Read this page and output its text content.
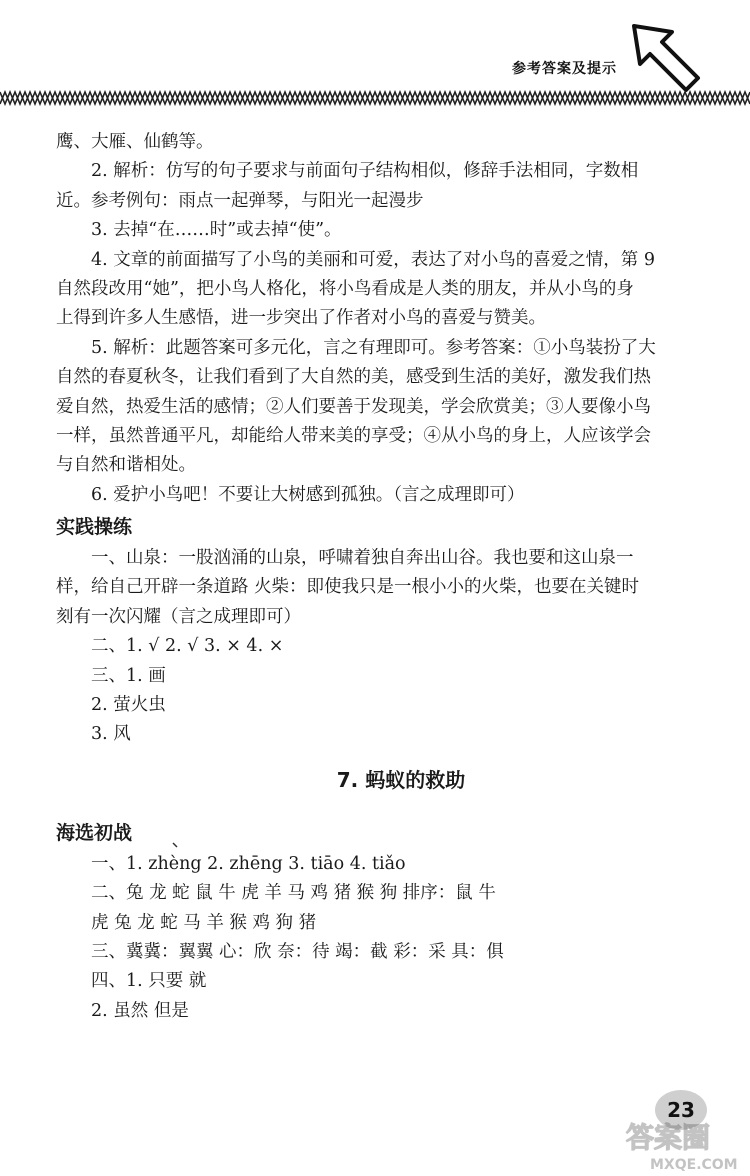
参考答案及提示
鹰、大雁、仙鹤等。
2. 解析：仿写的句子要求与前面句子结构相似，修辞手法相同，字数相
近。参考例句：雨点一起弹琴，与阳光一起漫步
3. 去掉“在……时”或去掉“使”。
4. 文章的前面描写了小鸟的美丽和可爱，表达了对小鸟的喜爱之情，第 9
自然段改用“她”，把小鸟人格化，将小鸟看成是人类的朋友，并从小鸟的身
上得到许多人生感悟，进一步突出了作者对小鸟的喜爱与赞美。
5. 解析：此题答案可多元化，言之有理即可。参考答案：①小鸟装扮了大
自然的春夏秋冬，让我们看到了大自然的美，感受到生活的美好，激发我们热
爱自然，热爱生活的感情；②人们要善于发现美，学会欣赏美；③人要像小鸟
一样，虽然普通平凡，却能给人带来美的享受；④从小鸟的身上，人应该学会
与自然和谐相处。
6. 爱护小鸟吧！不要让大树感到孤独。（言之成理即可）
实践操练
一、山泉：一股汹涌的山泉，呼啸着独自奔出山谷。我也要和这山泉一
样，给自己开辟一条道路 火柴：即使我只是一根小小的火柴，也要在关键时
刻有一次闪耀（言之成理即可）
二、1. √ 2. √ 3. × 4. ×
三、1. 画
2. 萤火虫
3. 风
7. 蚂蚁的救助
海选初战
一、1. zhèng 2. zhēng 3. tiāo 4. tiǎo
二、兔 龙 蛇 鼠 牛 虎 羊 马 鸡 猪 猴 狗 排序：鼠 牛
虎 兔 龙 蛇 马 羊 猴 鸡 狗 猪
三、冀冀：翼翼 心：欣 奈：待 竭：截 彩：采 具：俱
四、1. 只要 就
2. 虽然 但是
23
答案圈
MXQE.COM
